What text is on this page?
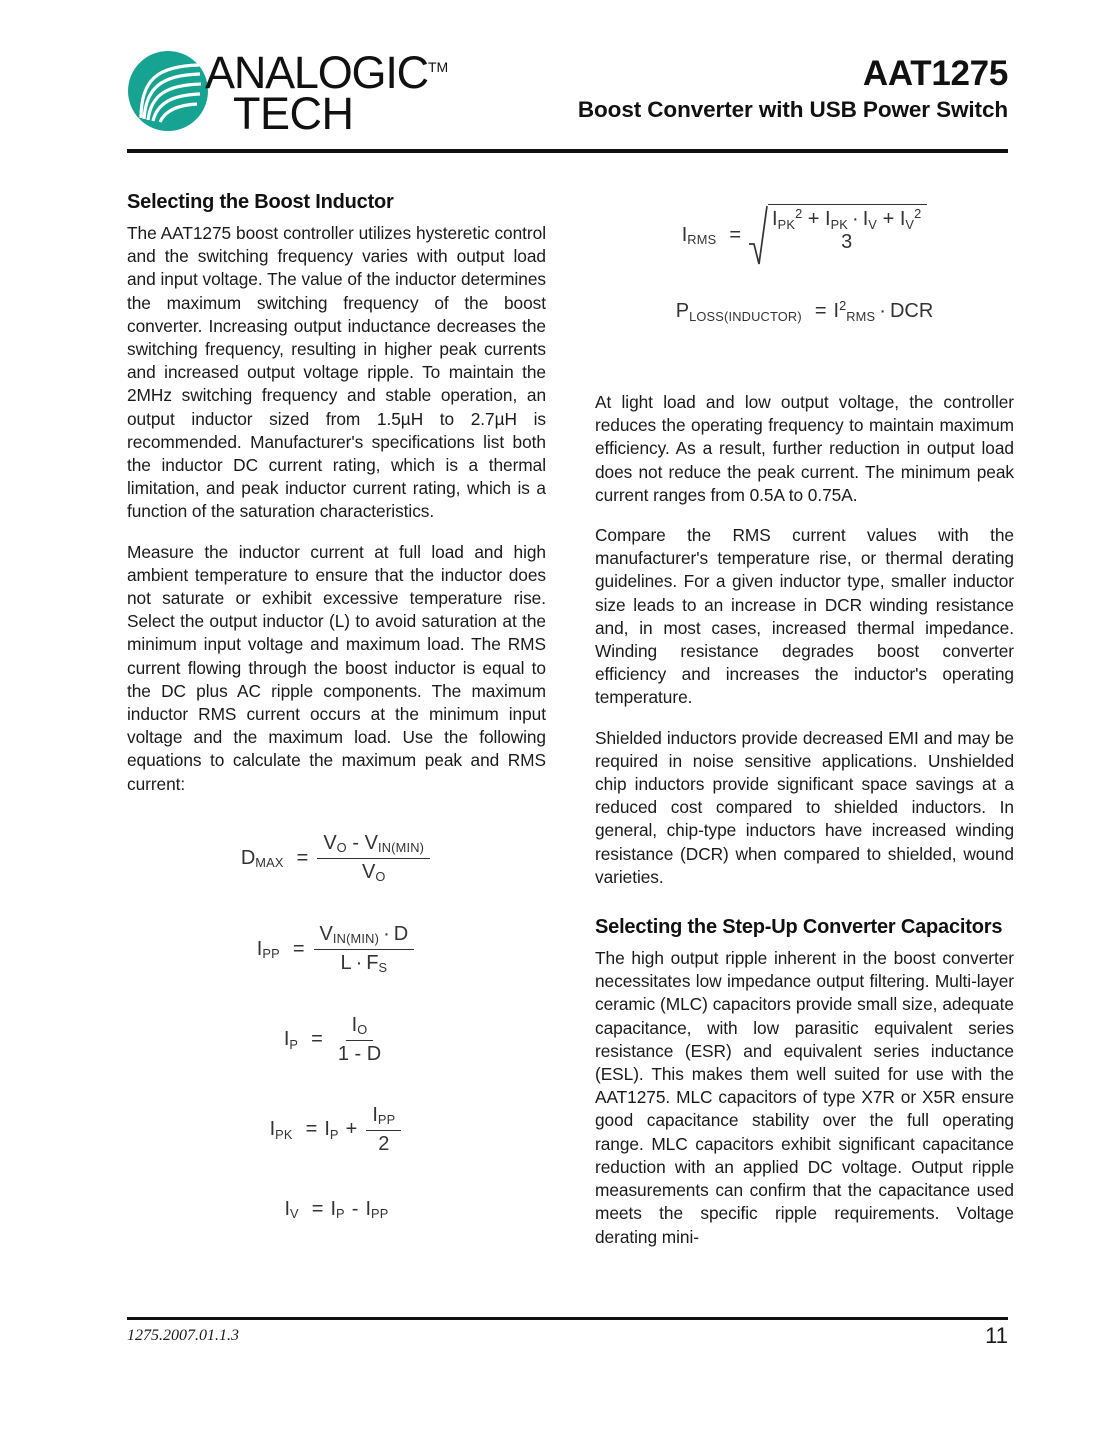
ANALOGIC™
TECH
AAT1275
Boost Converter with USB Power Switch
Selecting the Boost Inductor

The AAT1275 boost controller utilizes hysteretic control and the switching frequency varies with output load and input voltage. The value of the inductor determines the maximum switching frequency of the boost converter. Increasing output inductance decreases the switching frequency, resulting in higher peak currents and increased output voltage ripple. To maintain the 2MHz switching frequency and stable operation, an output inductor sized from 1.5µH to 2.7µH is recommended. Manufacturer's specifications list both the inductor DC current rating, which is a thermal limitation, and peak inductor current rating, which is a function of the saturation characteristics.

Measure the inductor current at full load and high ambient temperature to ensure that the inductor does not saturate or exhibit excessive temperature rise. Select the output inductor (L) to avoid saturation at the minimum input voltage and maximum load. The RMS current flowing through the boost inductor is equal to the DC plus AC ripple components. The maximum inductor RMS current occurs at the minimum input voltage and the maximum load. Use the following equations to calculate the maximum peak and RMS current:

$D_{MAX} = \frac{V_O - V_{IN(MIN)}}{V_O}$
$I_{PP} = \frac{V_{IN(MIN)} \cdot D}{L \cdot F_S}$
$I_P = \frac{I_O}{1 - D}$
$I_{PK} = I_P + \frac{I_{PP}}{2}$
$I_V = I_P - I_{PP}$
$I_{RMS}$ =
$I_{PK}^2 + I_{PK} \cdot I_V + I_V^2$
3
$P_{LOSS(INDUCTOR)} = I^2_{RMS}$ · DCR

At light load and low output voltage, the controller reduces the operating frequency to maintain maximum efficiency. As a result, further reduction in output load does not reduce the peak current. The minimum peak current ranges from 0.5A to 0.75A.

Compare the RMS current values with the manufacturer's temperature rise, or thermal derating guidelines. For a given inductor type, smaller inductor size leads to an increase in DCR winding resistance and, in most cases, increased thermal impedance. Winding resistance degrades boost converter efficiency and increases the inductor's operating temperature.

Shielded inductors provide decreased EMI and may be required in noise sensitive applications. Unshielded chip inductors provide significant space savings at a reduced cost compared to shielded inductors. In general, chip-type inductors have increased winding resistance (DCR) when compared to shielded, wound varieties.

Selecting the Step-Up Converter Capacitors

The high output ripple inherent in the boost converter necessitates low impedance output filtering. Multi-layer ceramic (MLC) capacitors provide small size, adequate capacitance, with low parasitic equivalent series resistance (ESR) and equivalent series inductance (ESL). This makes them well suited for use with the AAT1275. MLC capacitors of type X7R or X5R ensure good capacitance stability over the full operating range. MLC capacitors exhibit significant capacitance reduction with an applied DC voltage. Output ripple measurements can confirm that the capacitance used meets the specific ripple requirements. Voltage derating mini-

1275.2007.01.1.3	11
